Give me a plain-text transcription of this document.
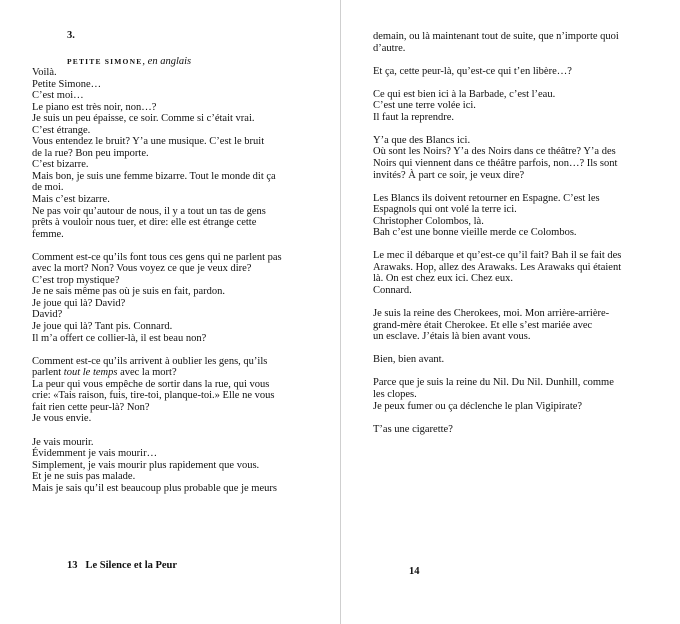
3.

PETITE SIMONE, en anglais

Voilà.
Petite Simone…
C’est moi…
Le piano est très noir, non…?
Je suis un peu épaisse, ce soir. Comme si c’était vrai.
C’est étrange.
Vous entendez le bruit? Y’a une musique. C’est le bruit
de la rue? Bon peu importe.
C’est bizarre.
Mais bon, je suis une femme bizarre. Tout le monde dit ça
de moi.
Mais c’est bizarre.
Ne pas voir qu’autour de nous, il y a tout un tas de gens
prêts à vouloir nous tuer, et dire: elle est étrange cette
femme.
Comment est-ce qu’ils font tous ces gens qui ne parlent pas
avec la mort? Non? Vous voyez ce que je veux dire?
C’est trop mystique?
Je ne sais même pas où je suis en fait, pardon.
Je joue qui là? David?
David?
Je joue qui là? Tant pis. Connard.
Il m’a offert ce collier-là, il est beau non?
Comment est-ce qu’ils arrivent à oublier les gens, qu’ils
parlent tout le temps avec la mort?
La peur qui vous empêche de sortir dans la rue, qui vous
crie: «Tais raison, fuis, tire-toi, planque-toi.» Elle ne vous
fait rien cette peur-là? Non?
Je vous envie.
Je vais mourir.
Évidemment je vais mourir…
Simplement, je vais mourir plus rapidement que vous.
Et je ne suis pas malade.
Mais je sais qu’il est beaucoup plus probable que je meurs

13 Le Silence et la Peur

demain, ou là maintenant tout de suite, que n’importe quoi
d’autre.
Et ça, cette peur-là, qu’est-ce qui t’en libère…?
Ce qui est bien ici à la Barbade, c’est l’eau.
C’est une terre volée ici.
Il faut la reprendre.
Y’a que des Blancs ici.
Où sont les Noirs? Y’a des Noirs dans ce théâtre? Y’a des
Noirs qui viennent dans ce théâtre parfois, non…? Ils sont
invités? À part ce soir, je veux dire?
Les Blancs ils doivent retourner en Espagne. C’est les
Espagnols qui ont volé la terre ici.
Christopher Colombos, là.
Bah c’est une bonne vieille merde ce Colombos.
Le mec il débarque et qu’est-ce qu’il fait? Bah il se fait des
Arawaks. Hop, allez des Arawaks. Les Arawaks qui étaient
là. On est chez eux ici. Chez eux.
Connard.
Je suis la reine des Cherokees, moi. Mon arrière-arrière-
grand-mère était Cherokee. Et elle s’est mariée avec
un esclave. J’étais là bien avant vous.
Bien, bien avant.
Parce que je suis la reine du Nil. Du Nil. Dunhill, comme
les clopes.
Je peux fumer ou ça déclenche le plan Vigipirate?
T’as une cigarette?

14
